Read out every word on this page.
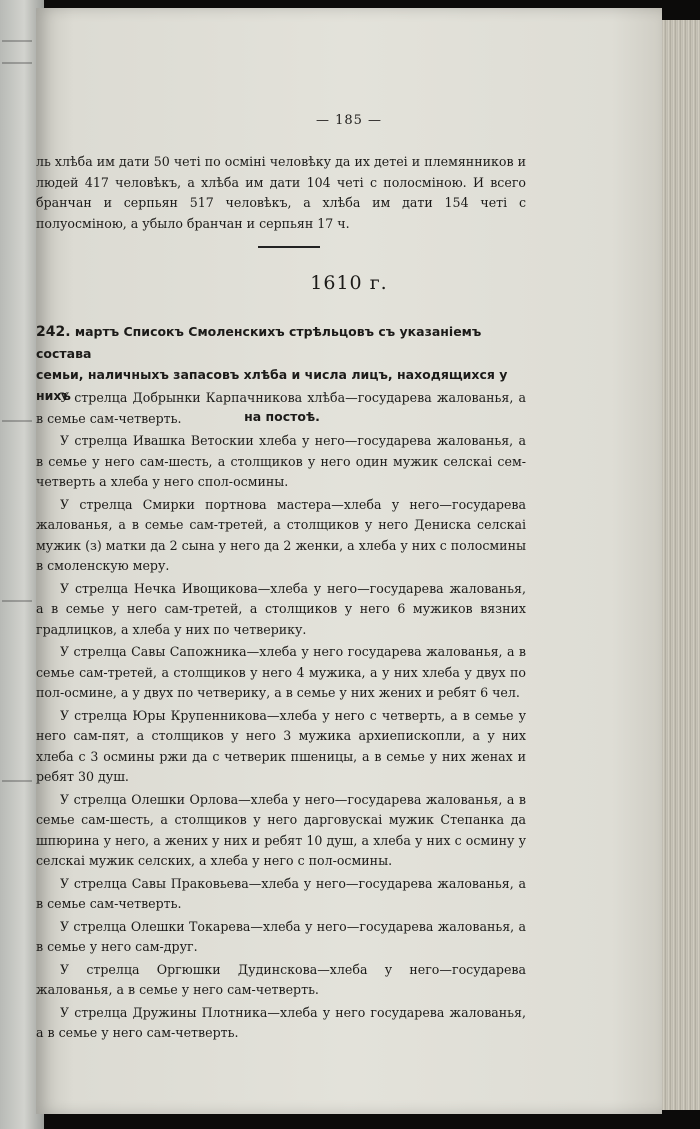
— 185 —
ль хлѣба им дати 50 четі по осміні человѣку да их детеі и племянников и людей 417 человѣкъ, а хлѣба им дати 104 четі с полосміною. И всего бранчан и серпьян 517 человѣкъ, а хлѣба им дати 154 четі с полуосміною, а убыло бранчан и серпьян 17 ч.
1610 г.
242. мартъ Списокъ Смоленскихъ стрѣльцовъ съ указаніемъ состава
семьи, наличныхъ запасовъ хлѣба и числа лицъ, находящихся у нихъ
на постоѣ.

У стрелца Добрынки Карпачникова хлѣба—государева жалованья, а в семье сам-четверть.

У стрелца Ивашка Ветоскии хлеба у него—государева жалованья, а в семье у него сам-шесть, а столщиков у него один мужик селскаі сем-четверть а хлеба у него спол-осмины.

У стрелца Смирки портнова мастера—хлеба у него—государева жалованья, а в семье сам-третей, а столщиков у него Дениска селскаі мужик (з) матки да 2 сына у него да 2 женки, а хлеба у них с полосмины в смоленскую меру.

У стрелца Нечка Ивощикова—хлеба у него—государева жалованья, а в семье у него сам-третей, а столщиков у него 6 мужиков вязних градлицков, а хлеба у них по четверику.

У стрелца Савы Сапожника—хлеба у него государева жалованья, а в семье сам-третей, а столщиков у него 4 мужика, а у них хлеба у двух по пол-осмине, а у двух по четверику, а в семье у них жених и ребят 6 чел.

У стрелца Юры Крупенникова—хлеба у него с четверть, а в семье у него сам-пят, а столщиков у него 3 мужика архиепископли, а у них хлеба с 3 осмины ржи да с четверик пшеницы, а в семье у них женах и ребят 30 душ.

У стрелца Олешки Орлова—хлеба у него—государева жалованья, а в семье сам-шесть, а столщиков у него дарговускаі мужик Степанка да шпюрина у него, а жених у них и ребят 10 душ, а хлеба у них с осмину у селскаі мужик селских, а хлеба у него с пол-осмины.

У стрелца Савы Праковьева—хлеба у него—государева жалованья, а в семье сам-четверть.

У стрелца Олешки Токарева—хлеба у него—государева жалованья, а в семье у него сам-друг.

У стрелца Оргюшки Дудинскова—хлеба у него—государева жалованья, а в семье у него сам-четверть.

У стрелца Дружины Плотника—хлеба у него государева жалованья, а в семье у него сам-четверть.
